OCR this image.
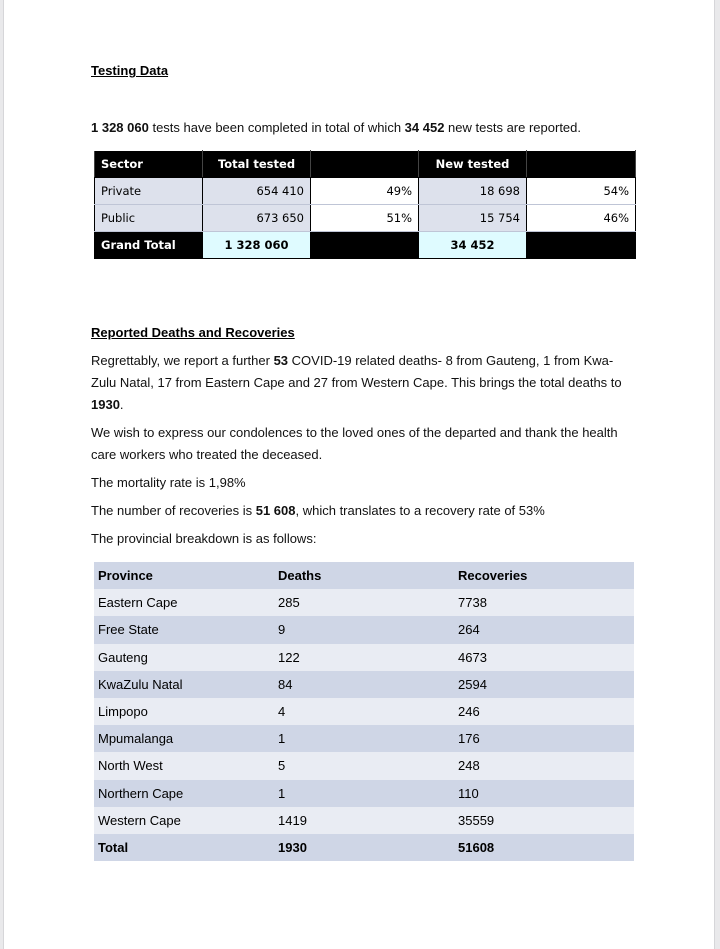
Testing Data

1 328 060 tests have been completed in total of which 34 452 new tests are reported.

Sector	Total tested		New tested	
Private	654 410	49%	18 698	54%
Public	673 650	51%	15 754	46%
Grand Total	1 328 060		34 452	
Reported Deaths and Recoveries

Regrettably, we report a further 53 COVID-19 related deaths- 8 from Gauteng, 1 from Kwa-Zulu Natal, 17 from Eastern Cape and 27 from Western Cape. This brings the total deaths to 1930.

We wish to express our condolences to the loved ones of the departed and thank the health care workers who treated the deceased.

The mortality rate is 1,98%

The number of recoveries is 51 608, which translates to a recovery rate of 53%

The provincial breakdown is as follows:

Province	Deaths	Recoveries
Eastern Cape	285	7738
Free State	9	264
Gauteng	122	4673
KwaZulu Natal	84	2594
Limpopo	4	246
Mpumalanga	1	176
North West	5	248
Northern Cape	1	110
Western Cape	1419	35559
Total	1930	51608
